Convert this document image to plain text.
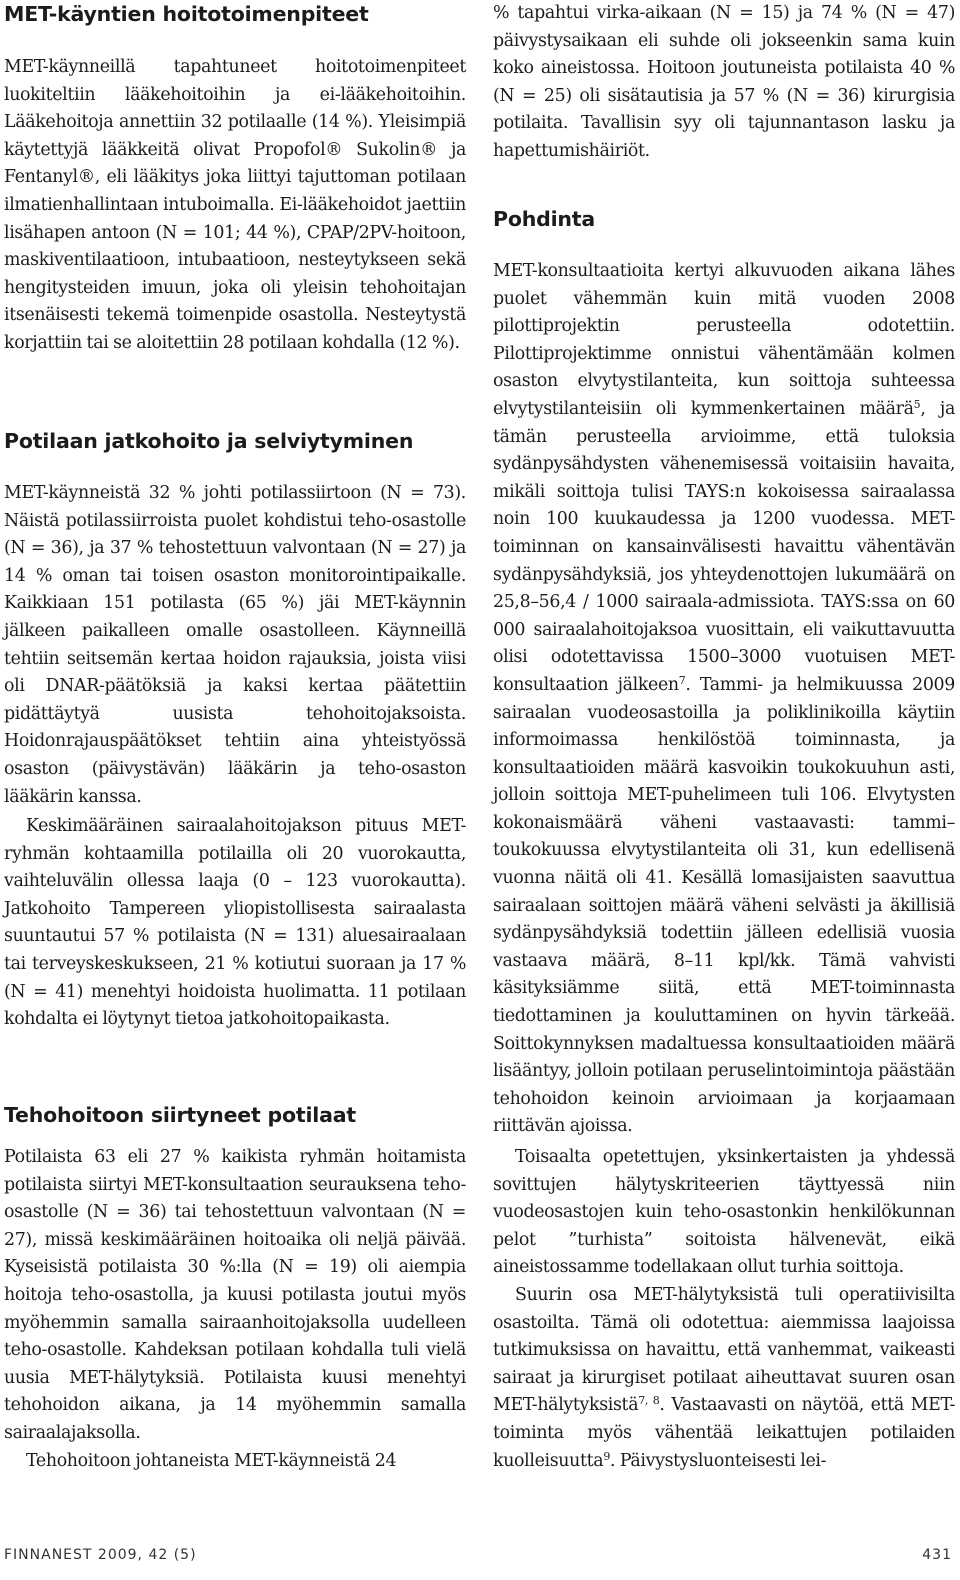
MET-käyntien hoitotoimenpiteet

MET-käynneillä tapahtuneet hoitotoimenpiteet luokiteltiin lääkehoitoihin ja ei-lääkehoitoihin. Lääkehoitoja annettiin 32 potilaalle (14 %). Yleisimpiä käytettyjä lääkkeitä olivat Propofol® Sukolin® ja Fentanyl®, eli lääkitys joka liittyi tajuttoman potilaan ilmatienhallintaan intuboimalla. Ei-lääkehoidot jaettiin lisähapen antoon (N = 101; 44 %), CPAP/2PV-hoitoon, maskiventilaatioon, intubaatioon, nesteytykseen sekä hengitysteiden imuun, joka oli yleisin tehohoitajan itsenäisesti tekemä toimenpide osastolla. Nesteytystä korjattiin tai se aloitettiin 28 potilaan kohdalla (12 %).

Potilaan jatkohoito ja selviytyminen

MET-käynneistä 32 % johti potilassiirtoon (N = 73). Näistä potilassiirroista puolet kohdistui teho-osastolle (N = 36), ja 37 % tehostettuun valvontaan (N = 27) ja 14 % oman tai toisen osaston monitorointipaikalle. Kaikkiaan 151 potilasta (65 %) jäi MET-käynnin jälkeen paikalleen omalle osastolleen. Käynneillä tehtiin seitsemän kertaa hoidon rajauksia, joista viisi oli DNAR-päätöksiä ja kaksi kertaa päätettiin pidättäytyä uusista tehohoitojaksoista. Hoidonrajauspäätökset tehtiin aina yhteistyössä osaston (päivystävän) lääkärin ja teho-osaston lääkärin kanssa.

Keskimääräinen sairaalahoitojakson pituus MET-ryhmän kohtaamilla potilailla oli 20 vuorokautta, vaihteluvälin ollessa laaja (0 – 123 vuorokautta). Jatkohoito Tampereen yliopistollisesta sairaalasta suuntautui 57 % potilaista (N = 131) aluesairaalaan tai terveyskeskukseen, 21 % kotiutui suoraan ja 17 % (N = 41) menehtyi hoidoista huolimatta. 11 potilaan kohdalta ei löytynyt tietoa jatkohoitopaikasta.

Tehohoitoon siirtyneet potilaat

Potilaista 63 eli 27 % kaikista ryhmän hoitamista potilaista siirtyi MET-konsultaation seurauksena teho-osastolle (N = 36) tai tehostettuun valvontaan (N = 27), missä keskimääräinen hoitoaika oli neljä päivää. Kyseisistä potilaista 30 %:lla (N = 19) oli aiempia hoitoja teho-osastolla, ja kuusi potilasta joutui myös myöhemmin samalla sairaanhoitojaksolla uudelleen teho-osastolle. Kahdeksan potilaan kohdalla tuli vielä uusia MET-hälytyksiä. Potilaista kuusi menehtyi tehohoidon aikana, ja 14 myöhemmin samalla sairaalajaksolla.

Tehohoitoon johtaneista MET-käynneistä 24

% tapahtui virka-aikaan (N = 15) ja 74 % (N = 47) päivystysaikaan eli suhde oli jokseenkin sama kuin koko aineistossa. Hoitoon joutuneista potilaista 40 % (N = 25) oli sisätautisia ja 57 % (N = 36) kirurgisia potilaita. Tavallisin syy oli tajunnantason lasku ja hapettumishäiriöt.

Pohdinta

MET-konsultaatioita kertyi alkuvuoden aikana lähes puolet vähemmän kuin mitä vuoden 2008 pilottiprojektin perusteella odotettiin. Pilottiprojektimme onnistui vähentämään kolmen osaston elvytystilanteita, kun soittoja suhteessa elvytystilanteisiin oli kymmenkertainen määrä$^5$, ja tämän perusteella arvioimme, että tuloksia sydänpysähdysten vähenemisessä voitaisiin havaita, mikäli soittoja tulisi TAYS:n kokoisessa sairaalassa noin 100 kuukaudessa ja 1200 vuodessa. MET-toiminnan on kansainvälisesti havaittu vähentävän sydänpysähdyksiä, jos yhteydenottojen lukumäärä on 25,8–56,4 / 1000 sairaala-admissiota. TAYS:ssa on 60 000 sairaalahoitojaksoa vuosittain, eli vaikuttavuutta olisi odotettavissa 1500–3000 vuotuisen MET-konsultaation jälkeen$^7$. Tammi- ja helmikuussa 2009 sairaalan vuodeosastoilla ja poliklinikoilla käytiin informoimassa henkilöstöä toiminnasta, ja konsultaatioiden määrä kasvoikin toukokuuhun asti, jolloin soittoja MET-puhelimeen tuli 106. Elvytysten kokonaismäärä väheni vastaavasti: tammi–toukokuussa elvytystilanteita oli 31, kun edellisenä vuonna näitä oli 41. Kesällä lomasijaisten saavuttua sairaalaan soittojen määrä väheni selvästi ja äkillisiä sydänpysähdyksiä todettiin jälleen edellisiä vuosia vastaava määrä, 8–11 kpl/kk. Tämä vahvisti käsityksiämme siitä, että MET-toiminnasta tiedottaminen ja kouluttaminen on hyvin tärkeää. Soittokynnyksen madaltuessa konsultaatioiden määrä lisääntyy, jolloin potilaan peruselintoimintoja päästään tehohoidon keinoin arvioimaan ja korjaamaan riittävän ajoissa.

Toisaalta opetettujen, yksinkertaisten ja yhdessä sovittujen hälytyskriteerien täyttyessä niin vuodeosastojen kuin teho-osastonkin henkilökunnan pelot ”turhista” soitoista hälvenevät, eikä aineistossamme todellakaan ollut turhia soittoja.

Suurin osa MET-hälytyksistä tuli operatiivisilta osastoilta. Tämä oli odotettua: aiemmissa laajoissa tutkimuksissa on havaittu, että vanhemmat, vaikeasti sairaat ja kirurgiset potilaat aiheuttavat suuren osan MET-hälytyksistä$^{7, 8}$. Vastaavasti on näytöä, että MET-toiminta myös vähentää leikattujen potilaiden kuolleisuutta$^9$. Päivystysluonteisesti lei-

FINNANEST 2009, 42 (5)	431
